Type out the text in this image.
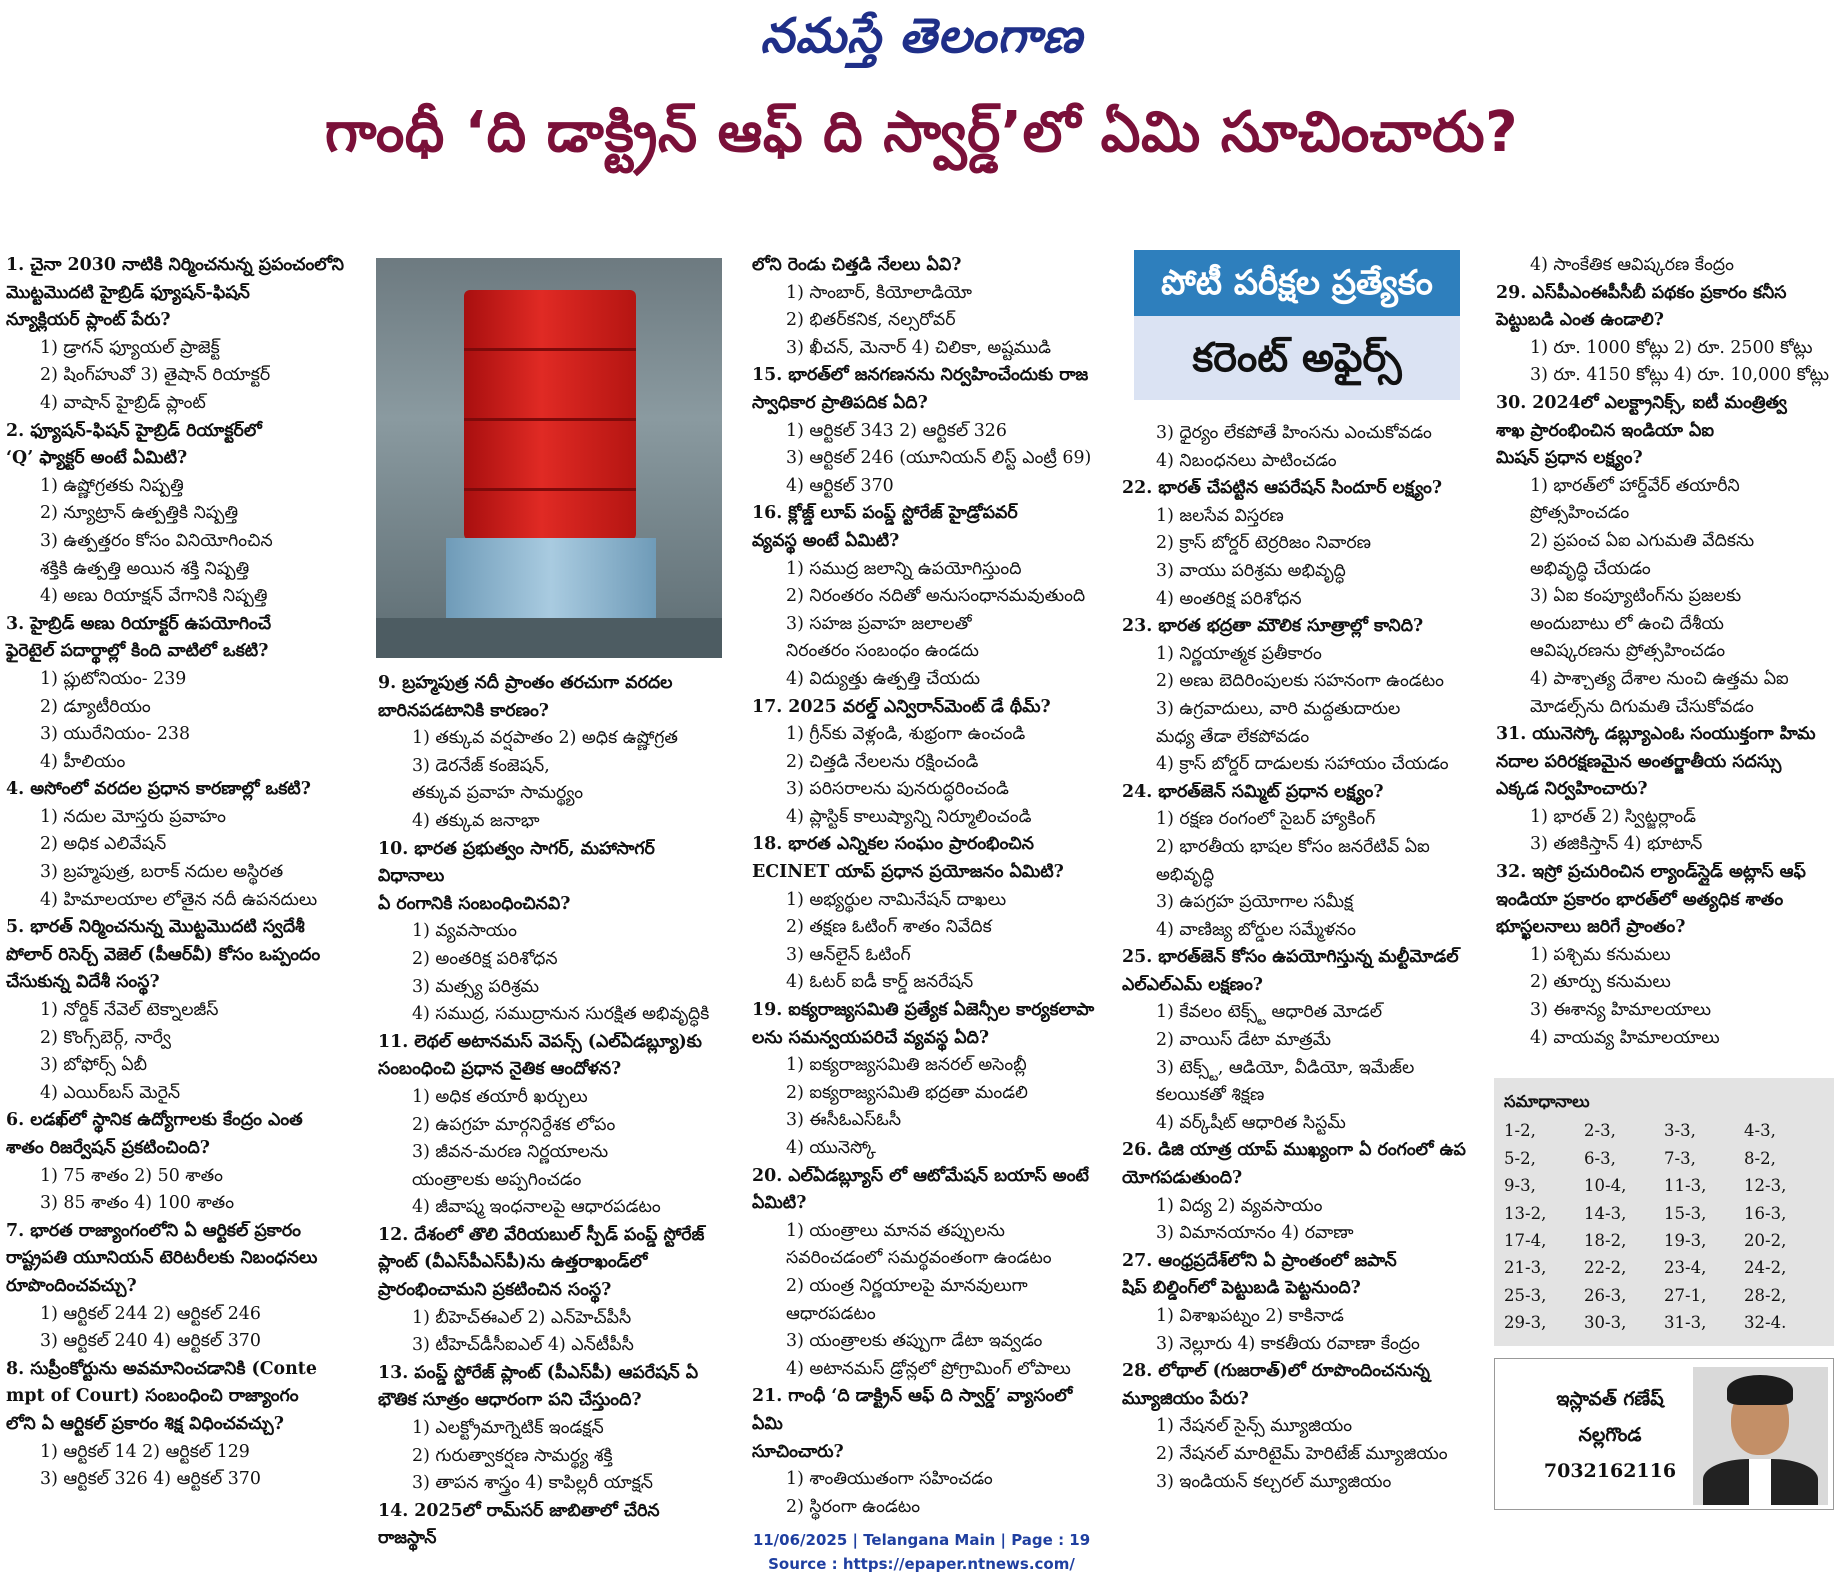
నమస్తే తెలంగాణ
గాంధీ ‘ది డాక్ట్రిన్ ఆఫ్ ది స్వార్డ్’లో ఏమి సూచించారు?
పోటీ పరీక్షల ప్రత్యేకం
కరెంట్ అఫైర్స్
1. చైనా 2030 నాటికి నిర్మించనున్న ప్రపంచంలోని
మొట్టమొదటి హైబ్రిడ్ ఫ్యూషన్-ఫిషన్
న్యూక్లియర్ ప్లాంట్ పేరు?
1) డ్రాగన్ ఫ్యూయల్ ప్రాజెక్ట్
2) షింగ్‌హువో 3) తైషాన్ రియాక్టర్
4) వాషాన్ హైబ్రిడ్ ప్లాంట్
2. ఫ్యూషన్-ఫిషన్ హైబ్రిడ్ రియాక్టర్‌లో
‘Q’ ఫ్యాక్టర్ అంటే ఏమిటి?
1) ఉష్ణోగ్రతకు నిష్పత్తి
2) న్యూట్రాన్ ఉత్పత్తికి నిష్పత్తి
3) ఉత్పత్తరం కోసం వినియోగించిన
శక్తికి ఉత్పత్తి అయిన శక్తి నిష్పత్తి
4) అణు రియాక్షన్ వేగానికి నిష్పత్తి
3. హైబ్రిడ్ అణు రియాక్టర్ ఉపయోగించే
ఫైరెటైల్ పదార్థాల్లో కింది వాటిలో ఒకటి?
1) ప్లుటోనియం- 239
2) డ్యూటీరియం
3) యురేనియం- 238
4) హీలియం
4. అసోంలో వరదల ప్రధాన కారణాల్లో ఒకటి?
1) నదుల మోస్తరు ప్రవాహం
2) అధిక ఎలివేషన్
3) బ్రహ్మపుత్ర, బరాక్ నదుల అస్థిరత
4) హిమాలయాల లోతైన నదీ ఉపనదులు
5. భారత్ నిర్మించనున్న మొట్టమొదటి స్వదేశీ
పోలార్ రిసెర్చ్ వెజెల్ (పీఆర్‌వీ) కోసం ఒప్పందం
చేసుకున్న విదేశీ సంస్థ?
1) నోర్డిక్ నేవెల్ టెక్నాలజీస్
2) కొంగ్స్‌బెర్గ్, నార్వే
3) బోఫోర్స్ ఏబీ
4) ఎయిర్‌బస్ మెరైన్
6. లడఖ్‌లో స్థానిక ఉద్యోగాలకు కేంద్రం ఎంత
శాతం రిజర్వేషన్ ప్రకటించింది?
1) 75 శాతం 2) 50 శాతం
3) 85 శాతం 4) 100 శాతం
7. భారత రాజ్యాంగంలోని ఏ ఆర్టికల్ ప్రకారం
రాష్ట్రపతి యూనియన్ టెరిటరీలకు నిబంధనలు
రూపొందించవచ్చు?
1) ఆర్టికల్ 244 2) ఆర్టికల్ 246
3) ఆర్టికల్ 240 4) ఆర్టికల్ 370
8. సుప్రీంకోర్టును అవమానించడానికి (Conte
mpt of Court) సంబంధించి రాజ్యాంగం
లోని ఏ ఆర్టికల్ ప్రకారం శిక్ష విధించవచ్చు?
1) ఆర్టికల్ 14 2) ఆర్టికల్ 129
3) ఆర్టికల్ 326 4) ఆర్టికల్ 370
9. బ్రహ్మపుత్ర నదీ ప్రాంతం తరచుగా వరదల
బారినపడటానికి కారణం?
1) తక్కువ వర్షపాతం 2) అధిక ఉష్ణోగ్రత
3) డెరనేజ్ కంజెషన్,
తక్కువ ప్రవాహ సామర్థ్యం
4) తక్కువ జనాభా
10. భారత ప్రభుత్వం సాగర్, మహాసాగర్ విధానాలు
ఏ రంగానికి సంబంధించినవి?
1) వ్యవసాయం
2) అంతరిక్ష పరిశోధన
3) మత్స్య పరిశ్రమ
4) సముద్ర, సముద్రానున సురక్షిత అభివృద్ధికి
11. లెథల్ అటానమస్ వెపన్స్ (ఎల్ఏడబ్ల్యూ)కు
సంబంధించి ప్రధాన నైతిక ఆందోళన?
1) అధిక తయారీ ఖర్చులు
2) ఉపగ్రహ మార్గనిర్దేశక లోపం
3) జీవన-మరణ నిర్ణయాలను
యంత్రాలకు అప్పగించడం
4) జీవాష్మ ఇంధనాలపై ఆధారపడటం
12. దేశంలో తొలి వేరియబుల్ స్పీడ్ పంప్డ్ స్టోరేజ్
ప్లాంట్ (వీఎస్‌పీఎస్‌పీ)ను ఉత్తరాఖండ్‌లో
ప్రారంభించామని ప్రకటించిన సంస్థ?
1) బీహెచ్ఈఎల్ 2) ఎన్‌హెచ్‌పీసీ
3) టీహెచ్‌డీసీఐఎల్ 4) ఎన్‌టీపీసీ
13. పంప్డ్ స్టోరేజ్ ప్లాంట్ (పీఎస్‌పీ) ఆపరేషన్ ఏ
భౌతిక సూత్రం ఆధారంగా పని చేస్తుంది?
1) ఎలక్ట్రోమాగ్నెటిక్ ఇండక్షన్
2) గురుత్వాకర్షణ సామర్థ్య శక్తి
3) తాపన శాస్త్రం 4) కాపిల్లరీ యాక్షన్
14. 2025లో రామ్‌సర్ జాబితాలో చేరిన రాజస్థాన్
లోని రెండు చిత్తడి నేలలు ఏవి?
1) సాంబార్, కియోలాడియో
2) భితర్‌కనిక, నల్సరోవర్
3) ఖీచన్, మెనార్ 4) చిలికా, అష్టముడి
15. భారత్‌లో జనగణనను నిర్వహించేందుకు రాజ
స్వాధికార ప్రాతిపదిక ఏది?
1) ఆర్టికల్ 343 2) ఆర్టికల్ 326
3) ఆర్టికల్ 246 (యూనియన్ లిస్ట్ ఎంట్రీ 69)
4) ఆర్టికల్ 370
16. క్లోజ్డ్ లూప్ పంప్డ్ స్టోరేజ్ హైడ్రోపవర్
వ్యవస్థ అంటే ఏమిటి?
1) సముద్ర జలాన్ని ఉపయోగిస్తుంది
2) నిరంతరం నదితో అనుసంధానమవుతుంది
3) సహజ ప్రవాహ జలాలతో
నిరంతరం సంబంధం ఉండదు
4) విద్యుత్తు ఉత్పత్తి చేయదు
17. 2025 వరల్డ్ ఎన్విరాన్‌మెంట్ డే థీమ్?
1) గ్రీన్‌కు వెళ్లండి, శుభ్రంగా ఉంచండి
2) చిత్తడి నేలలను రక్షించండి
3) పరిసరాలను పునరుద్ధరించండి
4) ప్లాస్టిక్ కాలుష్యాన్ని నిర్మూలించండి
18. భారత ఎన్నికల సంఘం ప్రారంభించిన
ECINET యాప్ ప్రధాన ప్రయోజనం ఏమిటి?
1) అభ్యర్థుల నామినేషన్ దాఖలు
2) తక్షణ ఓటింగ్ శాతం నివేదిక
3) ఆన్‌లైన్ ఓటింగ్
4) ఓటర్ ఐడీ కార్డ్ జనరేషన్
19. ఐక్యరాజ్యసమితి ప్రత్యేక ఏజెన్సీల కార్యకలాపా
లను సమన్వయపరిచే వ్యవస్థ ఏది?
1) ఐక్యరాజ్యసమితి జనరల్ అసెంబ్లీ
2) ఐక్యరాజ్యసమితి భద్రతా మండలి
3) ఈసీఓఎస్ఓసీ
4) యునెస్కో
20. ఎల్ఏడబ్ల్యూస్ లో ఆటోమేషన్ బయాస్ అంటే
ఏమిటి?
1) యంత్రాలు మానవ తప్పులను
సవరించడంలో సమర్థవంతంగా ఉండటం
2) యంత్ర నిర్ణయాలపై మానవులుగా
ఆధారపడటం
3) యంత్రాలకు తప్పుగా డేటా ఇవ్వడం
4) అటానమస్ డ్రోన్లలో ప్రోగ్రామింగ్ లోపాలు
21. గాంధీ ‘ది డాక్ట్రిన్ ఆఫ్ ది స్వార్డ్’ వ్యాసంలో ఏమి
సూచించారు?
1) శాంతియుతంగా సహించడం
2) స్థిరంగా ఉండటం
3) ధైర్యం లేకపోతే హింసను ఎంచుకోవడం
4) నిబంధనలు పాటించడం
22. భారత్ చేపట్టిన ఆపరేషన్ సిందూర్ లక్ష్యం?
1) జలసేవ విస్తరణ
2) క్రాస్ బోర్డర్ టెర్రరిజం నివారణ
3) వాయు పరిశ్రమ అభివృద్ధి
4) అంతరిక్ష పరిశోధన
23. భారత భద్రతా మౌలిక సూత్రాల్లో కానిది?
1) నిర్ణయాత్మక ప్రతీకారం
2) అణు బెదిరింపులకు సహనంగా ఉండటం
3) ఉగ్రవాదులు, వారి మద్దతుదారుల
మధ్య తేడా లేకపోవడం
4) క్రాస్ బోర్డర్ దాడులకు సహాయం చేయడం
24. భారత్‌జెన్ సమ్మిట్ ప్రధాన లక్ష్యం?
1) రక్షణ రంగంలో సైబర్ హ్యాకింగ్
2) భారతీయ భాషల కోసం జనరేటివ్ ఏఐ
అభివృద్ధి
3) ఉపగ్రహ ప్రయోగాల సమీక్ష
4) వాణిజ్య బోర్డుల సమ్మేళనం
25. భారత్‌జెన్ కోసం ఉపయోగిస్తున్న మల్టీమోడల్
ఎల్ఎల్ఎమ్ లక్షణం?
1) కేవలం టెక్స్ట్ ఆధారిత మోడల్
2) వాయిస్ డేటా మాత్రమే
3) టెక్స్ట్, ఆడియో, వీడియో, ఇమేజ్‌ల
కలయికతో శిక్షణ
4) వర్క్‌షీట్ ఆధారిత సిస్టమ్
26. డిజి యాత్ర యాప్ ముఖ్యంగా ఏ రంగంలో ఉప
యోగపడుతుంది?
1) విద్య 2) వ్యవసాయం
3) విమానయానం 4) రవాణా
27. ఆంధ్రప్రదేశ్‌లోని ఏ ప్రాంతంలో జపాన్
షిప్ బిల్డింగ్‌లో పెట్టుబడి పెట్టనుంది?
1) విశాఖపట్నం 2) కాకినాడ
3) నెల్లూరు 4) కాకతీయ రవాణా కేంద్రం
28. లోథాల్ (గుజరాత్)లో రూపొందించనున్న
మ్యూజియం పేరు?
1) నేషనల్ సైన్స్ మ్యూజియం
2) నేషనల్ మారిటైమ్ హెరిటేజ్ మ్యూజియం
3) ఇండియన్ కల్చరల్ మ్యూజియం
4) సాంకేతిక ఆవిష్కరణ కేంద్రం
29. ఎస్‌పీఎంఈపీసీబీ పథకం ప్రకారం కనీస
పెట్టుబడి ఎంత ఉండాలి?
1) రూ. 1000 కోట్లు 2) రూ. 2500 కోట్లు
3) రూ. 4150 కోట్లు 4) రూ. 10,000 కోట్లు
30. 2024లో ఎలక్ట్రానిక్స్, ఐటీ మంత్రిత్వ
శాఖ ప్రారంభించిన ఇండియా ఏఐ
మిషన్ ప్రధాన లక్ష్యం?
1) భారత్‌లో హార్డ్‌వేర్ తయారీని
ప్రోత్సహించడం
2) ప్రపంచ ఏఐ ఎగుమతి వేదికను
అభివృద్ధి చేయడం
3) ఏఐ కంప్యూటింగ్‌ను ప్రజలకు
అందుబాటు లో ఉంచి దేశీయ
ఆవిష్కరణను ప్రోత్సహించడం
4) పాశ్చాత్య దేశాల నుంచి ఉత్తమ ఏఐ
మోడల్స్‌ను దిగుమతి చేసుకోవడం
31. యునెస్కో డబ్ల్యూఎంఓ సంయుక్తంగా హిమ
నదాల పరిరక్షణమైన అంతర్జాతీయ సదస్సు
ఎక్కడ నిర్వహించారు?
1) భారత్ 2) స్విట్జర్లాండ్
3) తజికిస్తాన్ 4) భూటాన్
32. ఇస్రో ప్రచురించిన ల్యాండ్‌స్లైడ్ అట్లాస్ ఆఫ్
ఇండియా ప్రకారం భారత్‌లో అత్యధిక శాతం
భూస్ఖలనాలు జరిగే ప్రాంతం?
1) పశ్చిమ కనుమలు
2) తూర్పు కనుమలు
3) ఈశాన్య హిమాలయాలు
4) వాయవ్య హిమాలయాలు
సమాధానాలు
1-2,	2-3,	3-3,	4-3,
5-2,	6-3,	7-3,	8-2,
9-3,	10-4,	11-3,	12-3,
13-2,	14-3,	15-3,	16-3,
17-4,	18-2,	19-3,	20-2,
21-3,	22-2,	23-4,	24-2,
25-3,	26-3,	27-1,	28-2,
29-3,	30-3,	31-3,	32-4.
ఇస్లావత్ గణేష్
నల్లగొండ
7032162116
11/06/2025 | Telangana Main | Page : 19
Source : https://epaper.ntnews.com/
